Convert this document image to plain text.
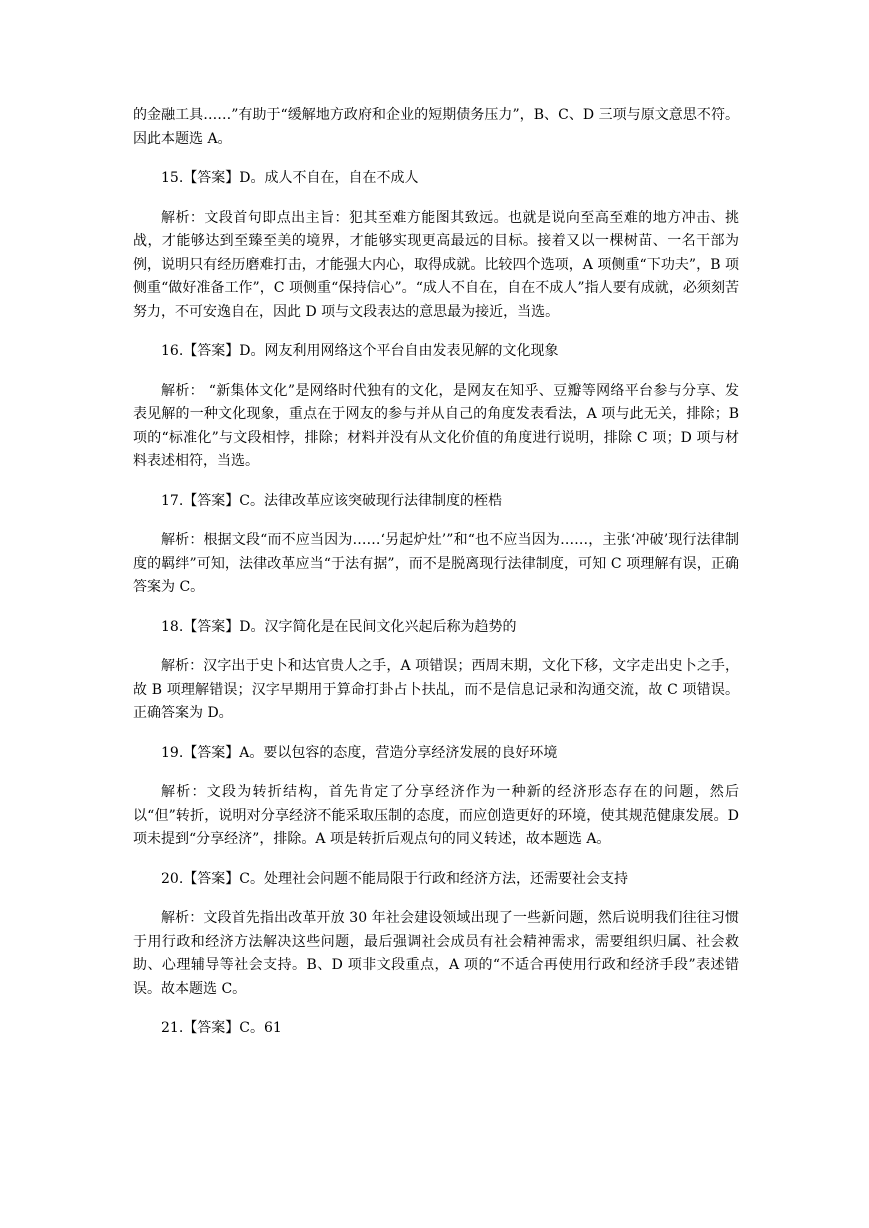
的金融工具……”有助于“缓解地方政府和企业的短期债务压力”，B、C、D 三项与原文意思不符。因此本题选 A。

15.【答案】D。成人不自在，自在不成人

解析：文段首句即点出主旨：犯其至难方能图其致远。也就是说向至高至难的地方冲击、挑战，才能够达到至臻至美的境界，才能够实现更高最远的目标。接着又以一棵树苗、一名干部为例，说明只有经历磨难打击，才能强大内心，取得成就。比较四个选项，A 项侧重“下功夫”，B 项侧重“做好准备工作”，C 项侧重“保持信心”。“成人不自在，自在不成人”指人要有成就，必须刻苦努力，不可安逸自在，因此 D 项与文段表达的意思最为接近，当选。

16.【答案】D。网友利用网络这个平台自由发表见解的文化现象

解析： “新集体文化”是网络时代独有的文化，是网友在知乎、豆瓣等网络平台参与分享、发表见解的一种文化现象，重点在于网友的参与并从自己的角度发表看法，A 项与此无关，排除；B 项的“标准化”与文段相悖，排除；材料并没有从文化价值的角度进行说明，排除 C 项；D 项与材料表述相符，当选。

17.【答案】C。法律改革应该突破现行法律制度的桎梏

解析：根据文段“而不应当因为……‘另起炉灶’”和“也不应当因为……，主张‘冲破’现行法律制度的羁绊”可知，法律改革应当“于法有据”，而不是脱离现行法律制度，可知 C 项理解有误，正确答案为 C。

18.【答案】D。汉字简化是在民间文化兴起后称为趋势的

解析：汉字出于史卜和达官贵人之手，A 项错误；西周末期，文化下移，文字走出史卜之手，故 B 项理解错误；汉字早期用于算命打卦占卜扶乩，而不是信息记录和沟通交流，故 C 项错误。正确答案为 D。

19.【答案】A。要以包容的态度，营造分享经济发展的良好环境

解析：文段为转折结构，首先肯定了分享经济作为一种新的经济形态存在的问题，然后以“但”转折，说明对分享经济不能采取压制的态度，而应创造更好的环境，使其规范健康发展。D 项未提到“分享经济”，排除。A 项是转折后观点句的同义转述，故本题选 A。

20.【答案】C。处理社会问题不能局限于行政和经济方法，还需要社会支持

解析：文段首先指出改革开放 30 年社会建设领域出现了一些新问题，然后说明我们往往习惯于用行政和经济方法解决这些问题，最后强调社会成员有社会精神需求，需要组织归属、社会救助、心理辅导等社会支持。B、D 项非文段重点，A 项的“不适合再使用行政和经济手段”表述错误。故本题选 C。

21.【答案】C。61
